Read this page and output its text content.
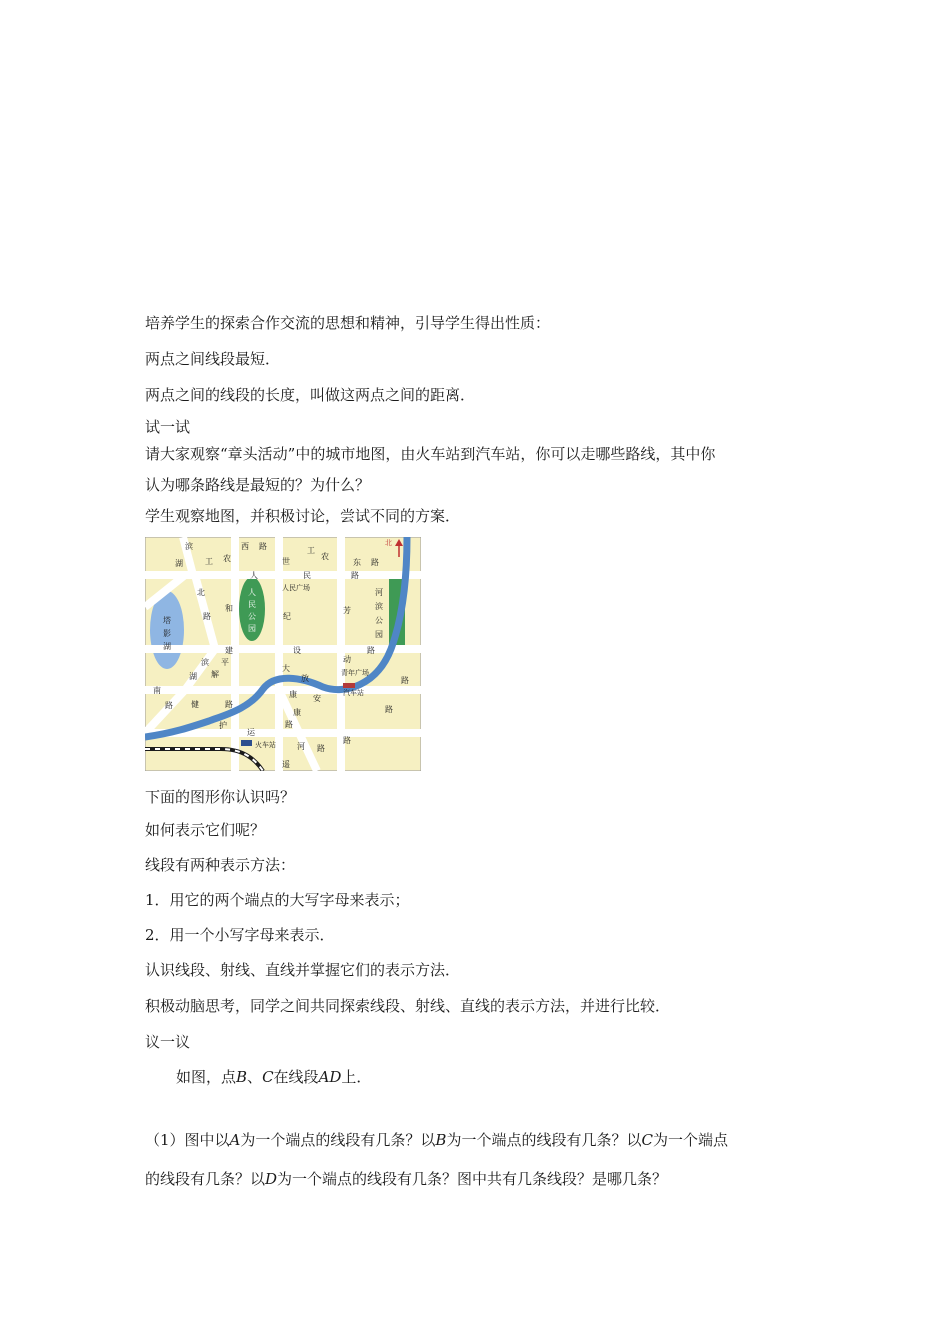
培养学生的探索合作交流的思想和精神，引导学生得出性质：
两点之间线段最短．
两点之间的线段的长度，叫做这两点之间的距离．
试一试
请大家观察“章头活动”中的城市地图，由火车站到汽车站，你可以走哪些路线，其中你
认为哪条路线是最短的？为什么？
学生观察地图，并积极讨论，尝试不同的方案．
滨
湖	工 农
西 路	工
农
东 路
人	民	路
世
北
和
路	纪
芳
建	设	路
大
放
动
路
滨 平
湖 解
南
路 健	路
康	路
康 安
护
运
河 路
路
遥
路
河
滨
公
园
塔
影
湖
人
民
公
园
人民广场
青年广场
汽车站
火车站
北
下面的图形你认识吗？
如何表示它们呢？
线段有两种表示方法：
1．用它的两个端点的大写字母来表示；
2．用一个小写字母来表示．
认识线段、射线、直线并掌握它们的表示方法．
积极动脑思考，同学之间共同探索线段、射线、直线的表示方法，并进行比较．
议一议
如图，点B、C在线段AD上．
（1）图中以A为一个端点的线段有几条？以B为一个端点的线段有几条？以C为一个端点
的线段有几条？以D为一个端点的线段有几条？图中共有几条线段？是哪几条？
